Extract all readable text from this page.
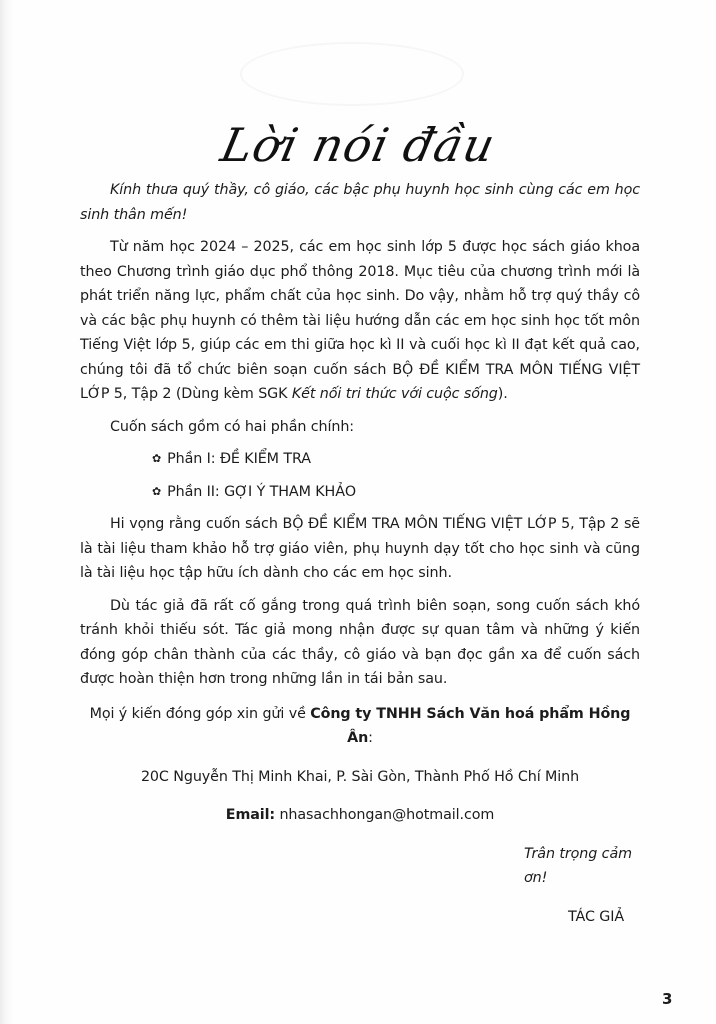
Lời nói đầu

Kính thưa quý thầy, cô giáo, các bậc phụ huynh học sinh cùng các em học sinh thân mến!

Từ năm học 2024 – 2025, các em học sinh lớp 5 được học sách giáo khoa theo Chương trình giáo dục phổ thông 2018. Mục tiêu của chương trình mới là phát triển năng lực, phẩm chất của học sinh. Do vậy, nhằm hỗ trợ quý thầy cô và các bậc phụ huynh có thêm tài liệu hướng dẫn các em học sinh học tốt môn Tiếng Việt lớp 5, giúp các em thi giữa học kì II và cuối học kì II đạt kết quả cao, chúng tôi đã tổ chức biên soạn cuốn sách BỘ ĐỀ KIỂM TRA MÔN TIẾNG VIỆT LỚP 5, Tập 2 (Dùng kèm SGK Kết nối tri thức với cuộc sống).

Cuốn sách gồm có hai phần chính:

✿ Phần I: ĐỀ KIỂM TRA
✿ Phần II: GỢI Ý THAM KHẢO

Hi vọng rằng cuốn sách BỘ ĐỀ KIỂM TRA MÔN TIẾNG VIỆT LỚP 5, Tập 2 sẽ là tài liệu tham khảo hỗ trợ giáo viên, phụ huynh dạy tốt cho học sinh và cũng là tài liệu học tập hữu ích dành cho các em học sinh.

Dù tác giả đã rất cố gắng trong quá trình biên soạn, song cuốn sách khó tránh khỏi thiếu sót. Tác giả mong nhận được sự quan tâm và những ý kiến đóng góp chân thành của các thầy, cô giáo và bạn đọc gần xa để cuốn sách được hoàn thiện hơn trong những lần in tái bản sau.

Mọi ý kiến đóng góp xin gửi về Công ty TNHH Sách Văn hoá phẩm Hồng Ân:
20C Nguyễn Thị Minh Khai, P. Sài Gòn, Thành Phố Hồ Chí Minh
Email: nhasachhongan@hotmail.com
Trân trọng cảm ơn!
TÁC GIẢ
3
